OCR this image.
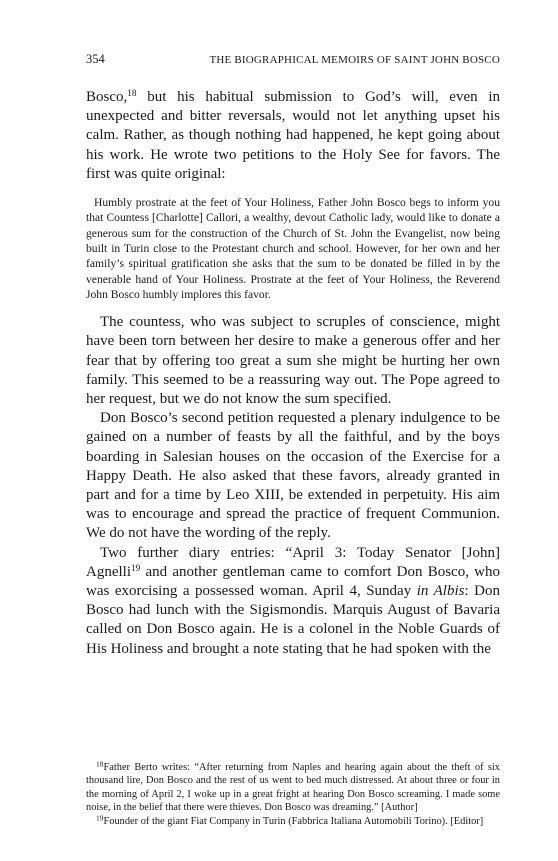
354	THE BIOGRAPHICAL MEMOIRS OF SAINT JOHN BOSCO

Bosco,$^{18}$ but his habitual submission to God’s will, even in unexpected and bitter reversals, would not let anything upset his calm. Rather, as though nothing had happened, he kept going about his work. He wrote two petitions to the Holy See for favors. The first was quite original:

Humbly prostrate at the feet of Your Holiness, Father John Bosco begs to inform you that Countess [Charlotte] Callori, a wealthy, devout Catholic lady, would like to donate a generous sum for the construction of the Church of St. John the Evangelist, now being built in Turin close to the Protestant church and school. However, for her own and her family’s spiritual gratification she asks that the sum to be donated be filled in by the venerable hand of Your Holiness. Prostrate at the feet of Your Holiness, the Reverend John Bosco humbly implores this favor.

The countess, who was subject to scruples of conscience, might have been torn between her desire to make a generous offer and her fear that by offering too great a sum she might be hurting her own family. This seemed to be a reassuring way out. The Pope agreed to her request, but we do not know the sum specified.

Don Bosco’s second petition requested a plenary indulgence to be gained on a number of feasts by all the faithful, and by the boys boarding in Salesian houses on the occasion of the Exercise for a Happy Death. He also asked that these favors, already granted in part and for a time by Leo XIII, be extended in perpetuity. His aim was to encourage and spread the practice of frequent Communion. We do not have the wording of the reply.

Two further diary entries: “April 3: Today Senator [John] Agnelli$^{19}$ and another gentleman came to comfort Don Bosco, who was exorcising a possessed woman. April 4, Sunday in Albis: Don Bosco had lunch with the Sigismondis. Marquis August of Bavaria called on Don Bosco again. He is a colonel in the Noble Guards of His Holiness and brought a note stating that he had spoken with the

$^{18}$Father Berto writes: “After returning from Naples and hearing again about the theft of six thousand lire, Don Bosco and the rest of us went to bed much distressed. At about three or four in the morning of April 2, I woke up in a great fright at hearing Don Bosco screaming. I made some noise, in the belief that there were thieves. Don Bosco was dreaming.” [Author]

$^{19}$Founder of the giant Fiat Company in Turin (Fabbrica Italiana Automobili Torino). [Editor]
